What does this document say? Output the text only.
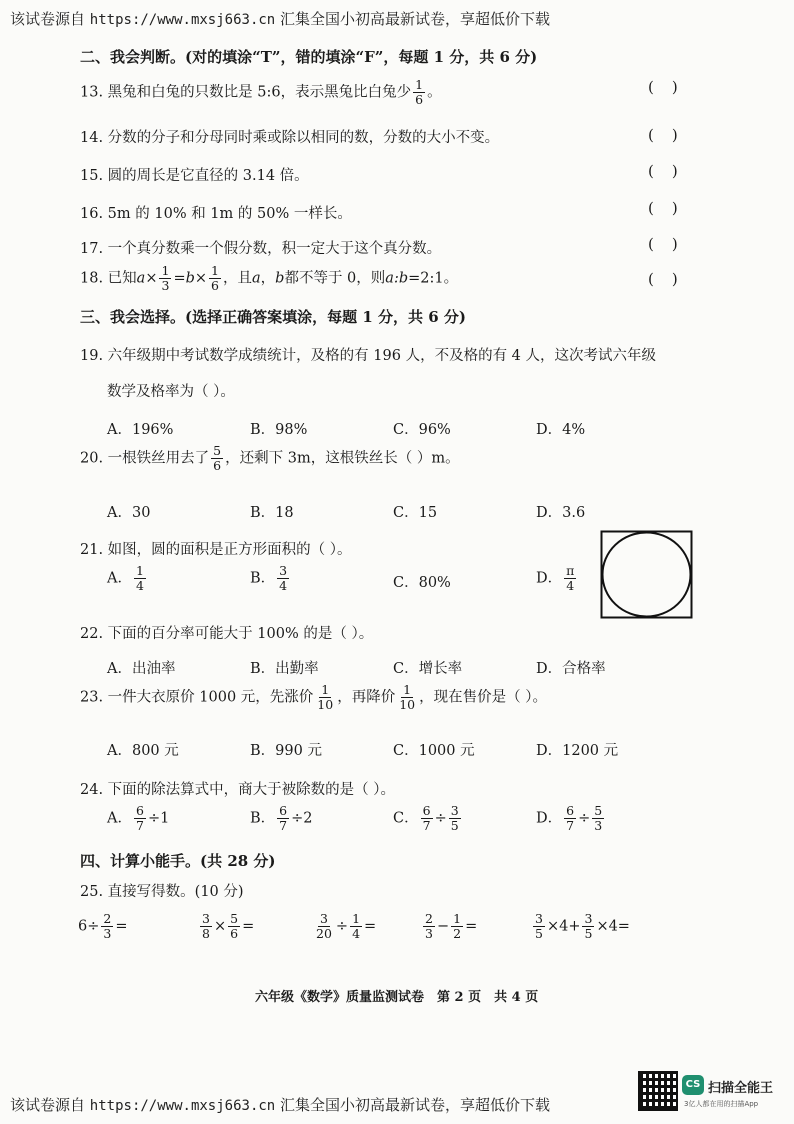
该试卷源自 https://www.mxsj663.cn 汇集全国小初高最新试卷，享超低价下载
二、我会判断。(对的填涂“T”，错的填涂“F”，每题 1 分，共 6 分)
13. 黑兔和白兔的只数比是 5:6，表示黑兔比白兔少 $\frac{1}{6}$ 。	()
14. 分数的分子和分母同时乘或除以相同的数，分数的大小不变。	()
15. 圆的周长是它直径的 3.14 倍。	()
16. 5m 的 10% 和 1m 的 50% 一样长。	()
17. 一个真分数乘一个假分数，积一定大于这个真分数。	()
18. 已知$a\times \frac{1}{3} =b\times \frac{1}{6}$ ，且a，b都不等于 0，则a:b=2:1。	()
三、我会选择。(选择正确答案填涂，每题 1 分，共 6 分)
19. 六年级期中考试数学成绩统计，及格的有 196 人，不及格的有 4 人，这次考试六年级
数学及格率为（ ）。
A．196%	B．98%	C．96%	D．4%
20. 一根铁丝用去了 $\frac{5}{6}$ ，还剩下 3m，这根铁丝长（ ）m。
A．30	B．18	C．15	D．3.6
21. 如图，圆的面积是正方形面积的（ ）。
A． $\frac{1}{4}$	B． $\frac{3}{4}$	C．80%	D． $\frac{\pi}{4}$
22. 下面的百分率可能大于 100% 的是（ ）。
A．出油率	B．出勤率	C．增长率	D．合格率
23. 一件大衣原价 1000 元，先涨价 $\frac{1}{10}$ ，再降价 $\frac{1}{10}$ ，现在售价是（ ）。
A．800 元	B．990 元	C．1000 元	D．1200 元
24. 下面的除法算式中，商大于被除数的是（ ）。
A． $\frac{6}{7} \div 1$	B． $\frac{6}{7} \div 2$	C． $\frac{6}{7} \div \frac{3}{5}$	D． $\frac{6}{7} \div \frac{5}{3}$
四、计算小能手。(共 28 分)
25. 直接写得数。(10 分)
$6\div \frac{2}{3}$ =	$\frac{3}{8} \times \frac{5}{6}$ =	$\frac{3}{20} \div \frac{1}{4}$ =	$\frac{2}{3} - \frac{1}{2}$ =	$\frac{3}{5} \times 4+ \frac{3}{5} \times 4=$
六年级《数学》质量监测试卷　第 2 页　共 4 页
该试卷源自 https://www.mxsj663.cn 汇集全国小初高最新试卷，享超低价下载
CS 扫描全能王
3亿人都在用的扫描App
